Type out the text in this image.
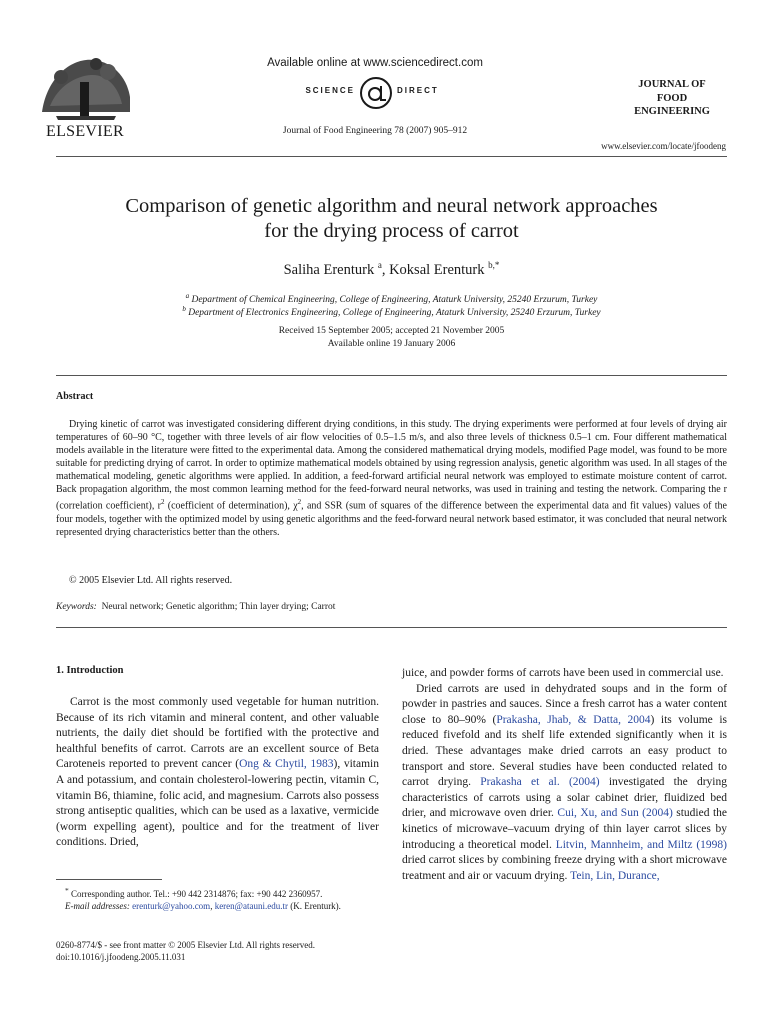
ELSEVIER
Available online at www.sciencedirect.com
SCIENCE	DIRECT
Journal of Food Engineering 78 (2007) 905–912
JOURNAL OF
FOOD
ENGINEERING
www.elsevier.com/locate/jfoodeng
Comparison of genetic algorithm and neural network approaches
for the drying process of carrot
Saliha Erenturk $^a$, Koksal Erenturk $^{b,*}$
$^a$ Department of Chemical Engineering, College of Engineering, Ataturk University, 25240 Erzurum, Turkey
$^b$ Department of Electronics Engineering, College of Engineering, Ataturk University, 25240 Erzurum, Turkey
Received 15 September 2005; accepted 21 November 2005
Available online 19 January 2006
Abstract
Drying kinetic of carrot was investigated considering different drying conditions, in this study. The drying experiments were performed at four levels of drying air temperatures of 60–90 °C, together with three levels of air flow velocities of 0.5–1.5 m/s, and also three levels of thickness 0.5–1 cm. Four different mathematical models available in the literature were fitted to the experimental data. Among the considered mathematical drying models, modified Page model, was found to be more suitable for predicting drying of carrot. In order to optimize mathematical models obtained by using regression analysis, genetic algorithm was used. In all stages of the mathematical modeling, genetic algorithms were applied. In addition, a feed-forward artificial neural network was employed to estimate moisture content of carrot. Back propagation algorithm, the most common learning method for the feed-forward neural networks, was used in training and testing the network. Comparing the r (correlation coefficient), $r^2$ (coefficient of determination), $\chi^2$, and SSR (sum of squares of the difference between the experimental data and fit values) values of the four models, together with the optimized model by using genetic algorithms and the feed-forward neural network based estimator, it was concluded that neural network represented drying characteristics better than the others.
© 2005 Elsevier Ltd. All rights reserved.
Keywords: Neural network; Genetic algorithm; Thin layer drying; Carrot
1. Introduction
Carrot is the most commonly used vegetable for human nutrition. Because of its rich vitamin and mineral content, and other valuable nutrients, the daily diet should be fortified with the protective and healthful benefits of carrot. Carrots are an excellent source of Beta Caroteneis reported to prevent cancer (Ong & Chytil, 1983), vitamin A and potassium, and contain cholesterol-lowering pectin, vitamin C, vitamin B6, thiamine, folic acid, and magnesium. Carrots also possess strong antiseptic qualities, which can be used as a laxative, vermicide (worm expelling agent), poultice and for the treatment of liver conditions. Dried,

juice, and powder forms of carrots have been used in commercial use.

Dried carrots are used in dehydrated soups and in the form of powder in pastries and sauces. Since a fresh carrot has a water content close to 80–90% (Prakasha, Jhab, & Datta, 2004) its volume is reduced fivefold and its shelf life extended significantly when it is dried. These advantages make dried carrots an easy product to transport and store. Several studies have been conducted related to carrot drying. Prakasha et al. (2004) investigated the drying characteristics of carrots using a solar cabinet drier, fluidized bed drier, and microwave oven drier. Cui, Xu, and Sun (2004) studied the kinetics of microwave–vacuum drying of thin layer carrot slices by introducing a theoretical model. Litvin, Mannheim, and Miltz (1998) dried carrot slices by combining freeze drying with a short microwave treatment and air or vacuum drying. Tein, Lin, Durance,

* Corresponding author. Tel.: +90 442 2314876; fax: +90 442 2360957.
E-mail addresses: erenturk@yahoo.com, keren@atauni.edu.tr (K. Erenturk).
0260-8774/$ - see front matter © 2005 Elsevier Ltd. All rights reserved.
doi:10.1016/j.jfoodeng.2005.11.031
